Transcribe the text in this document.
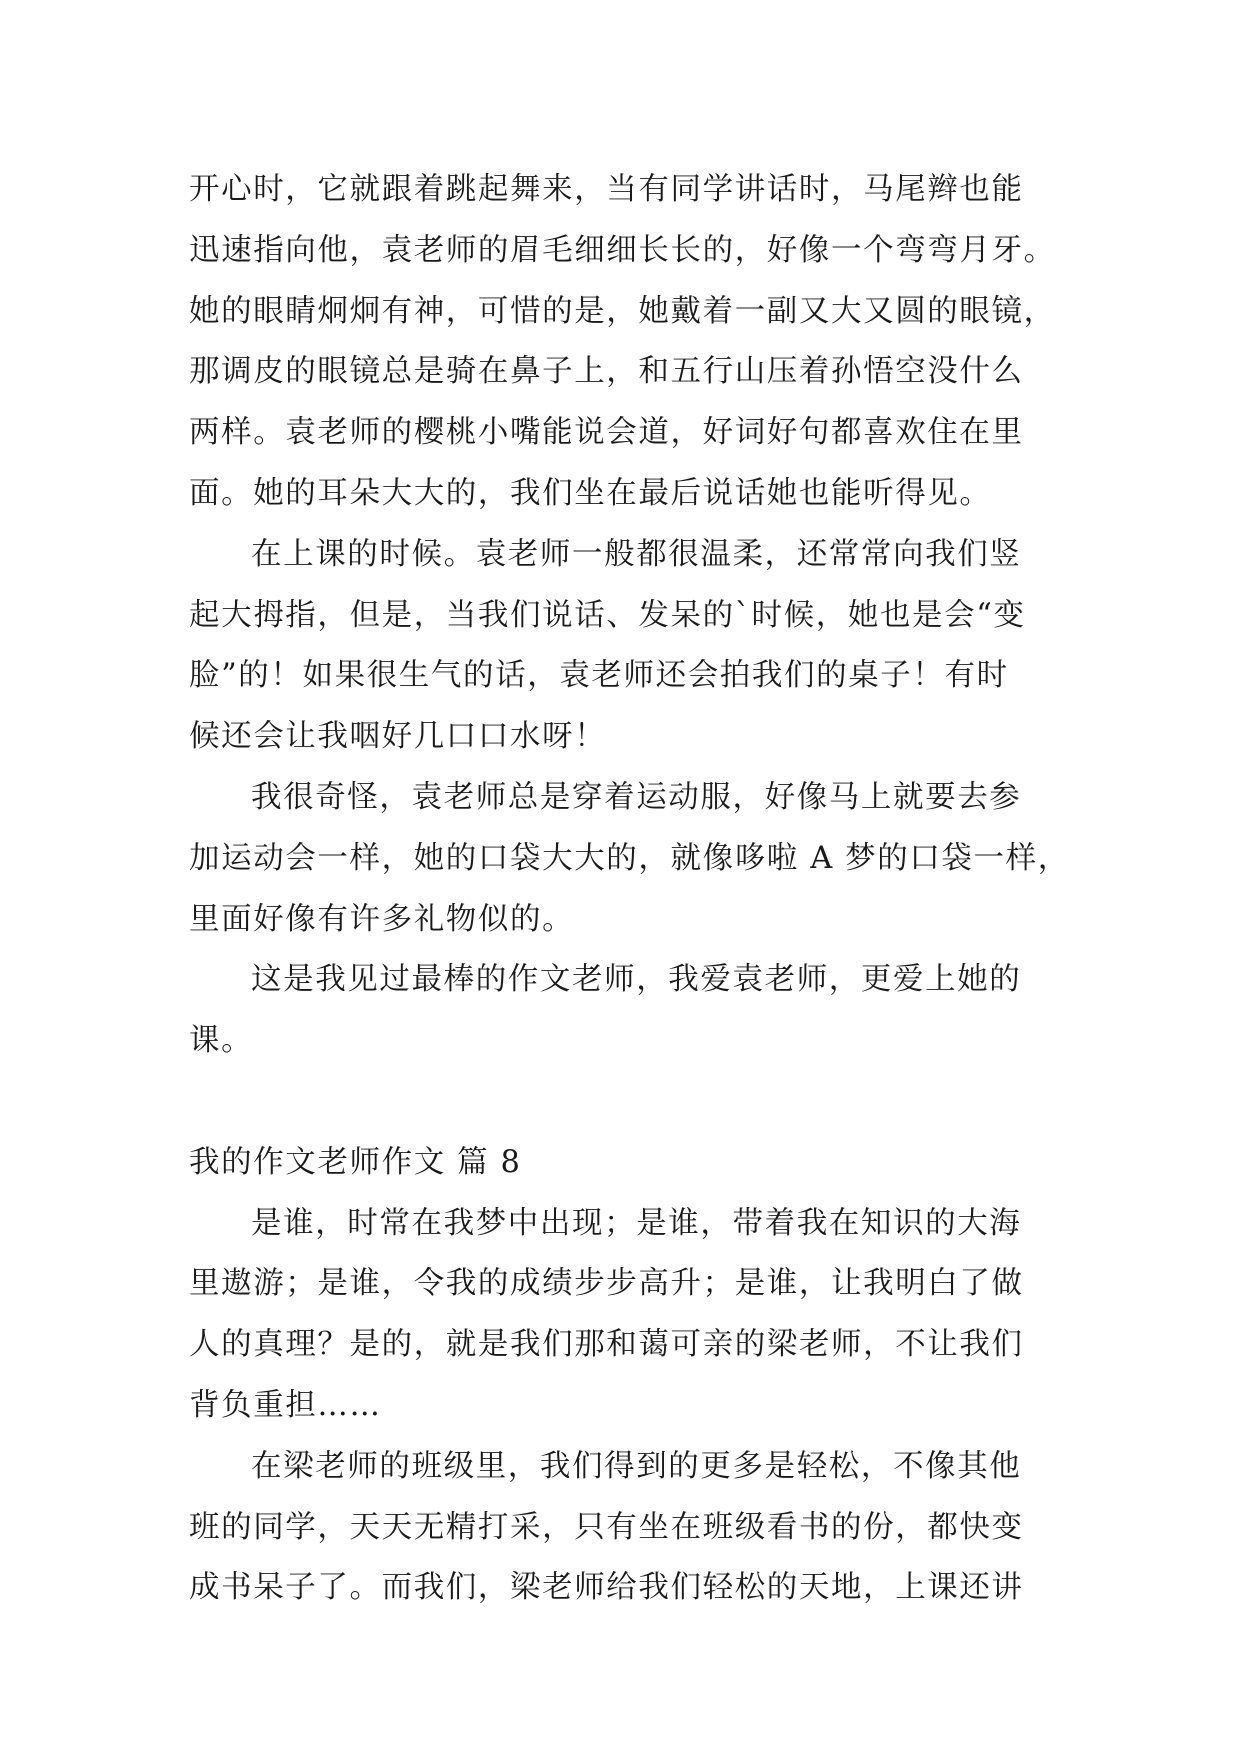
开心时，它就跟着跳起舞来，当有同学讲话时，马尾辫也能
迅速指向他，袁老师的眉毛细细长长的，好像一个弯弯月牙。
她的眼睛炯炯有神，可惜的是，她戴着一副又大又圆的眼镜，
那调皮的眼镜总是骑在鼻子上，和五行山压着孙悟空没什么
两样。袁老师的樱桃小嘴能说会道，好词好句都喜欢住在里
面。她的耳朵大大的，我们坐在最后说话她也能听得见。
在上课的时候。袁老师一般都很温柔，还常常向我们竖
起大拇指，但是，当我们说话、发呆的`时候，她也是会“变
脸”的！如果很生气的话，袁老师还会拍我们的桌子！有时
候还会让我咽好几口口水呀！
我很奇怪，袁老师总是穿着运动服，好像马上就要去参
加运动会一样，她的口袋大大的，就像哆啦 A 梦的口袋一样，
里面好像有许多礼物似的。
这是我见过最棒的作文老师，我爱袁老师，更爱上她的
课。
我的作文老师作文 篇 8
是谁，时常在我梦中出现；是谁，带着我在知识的大海
里遨游；是谁，令我的成绩步步高升；是谁，让我明白了做
人的真理？是的，就是我们那和蔼可亲的梁老师，不让我们
背负重担……
在梁老师的班级里，我们得到的更多是轻松，不像其他
班的同学，天天无精打采，只有坐在班级看书的份，都快变
成书呆子了。而我们，梁老师给我们轻松的天地，上课还讲
